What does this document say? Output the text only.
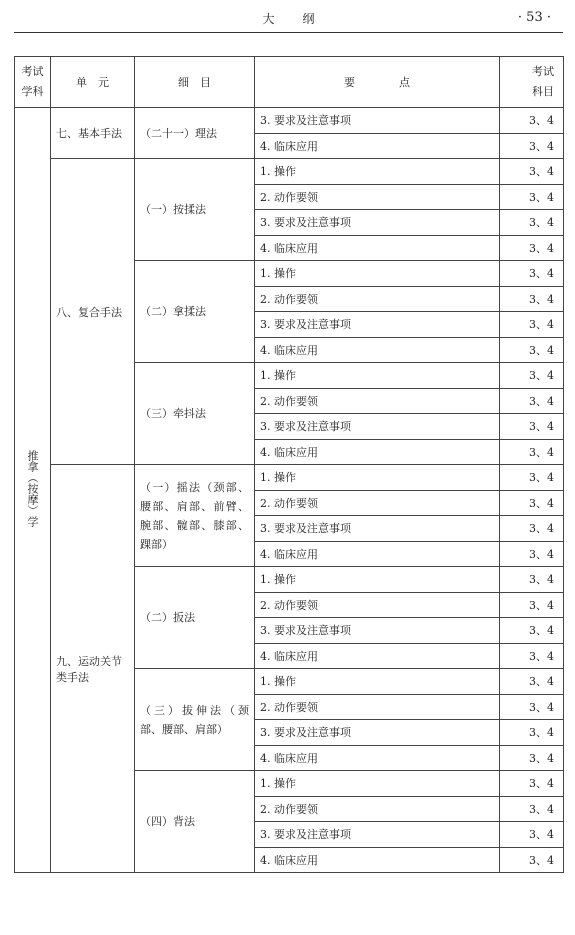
大纲	· 53 ·
考试
学科	单　元	细　目	要　　　　点	考试
科目

推拿（按摩）学	七、基本手法	（二十一）理法	3. 要求及注意事项	3、4
			4. 临床应用	3、4
	八、复合手法	（一）按揉法	1. 操作	3、4
			2. 动作要领	3、4
			3. 要求及注意事项	3、4
			4. 临床应用	3、4
		（二）拿揉法	1. 操作	3、4
			2. 动作要领	3、4
			3. 要求及注意事项	3、4
			4. 临床应用	3、4
		（三）牵抖法	1. 操作	3、4
			2. 动作要领	3、4
			3. 要求及注意事项	3、4
			4. 临床应用	3、4
	九、运动关节类手法	（一）摇法（颈部、腰部、肩部、前臂、腕部、髋部、膝部、踝部）	1. 操作	3、4
			2. 动作要领	3、4
			3. 要求及注意事项	3、4
			4. 临床应用	3、4
		（二）扳法	1. 操作	3、4
			2. 动作要领	3、4
			3. 要求及注意事项	3、4
			4. 临床应用	3、4
		（三）拔伸法（颈部、腰部、肩部）	1. 操作	3、4
			2. 动作要领	3、4
			3. 要求及注意事项	3、4
			4. 临床应用	3、4
		（四）背法	1. 操作	3、4
			2. 动作要领	3、4
			3. 要求及注意事项	3、4
			4. 临床应用	3、4
